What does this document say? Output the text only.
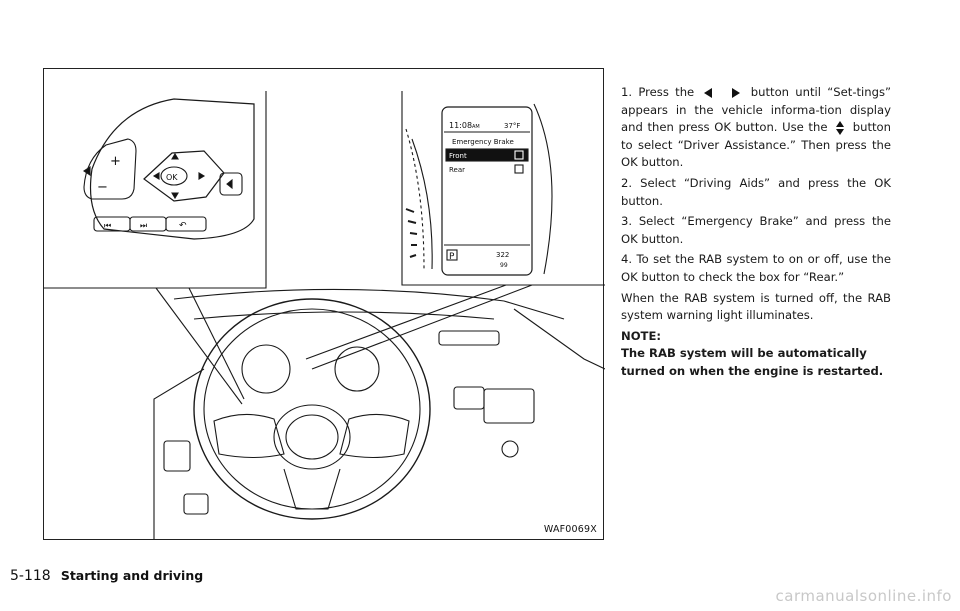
+
−
OK
⏮	⏭	↶
11:08 AM	37°F
Emergency Brake
Front
Rear
P	322
99
WAF0069X
1. Press the	button until “Set-tings” appears in the vehicle informa-tion display and then press OK button. Use the button to select “Driver Assistance.” Then press the OK button.
2. Select “Driving Aids” and press the OK button.
3. Select “Emergency Brake” and press the OK button.
4. To set the RAB system to on or off, use the OK button to check the box for “Rear.”
When the RAB system is turned off, the RAB system warning light illuminates.
NOTE:
The RAB system will be automatically turned on when the engine is restarted.
5-118 Starting and driving
carmanualsonline.info
